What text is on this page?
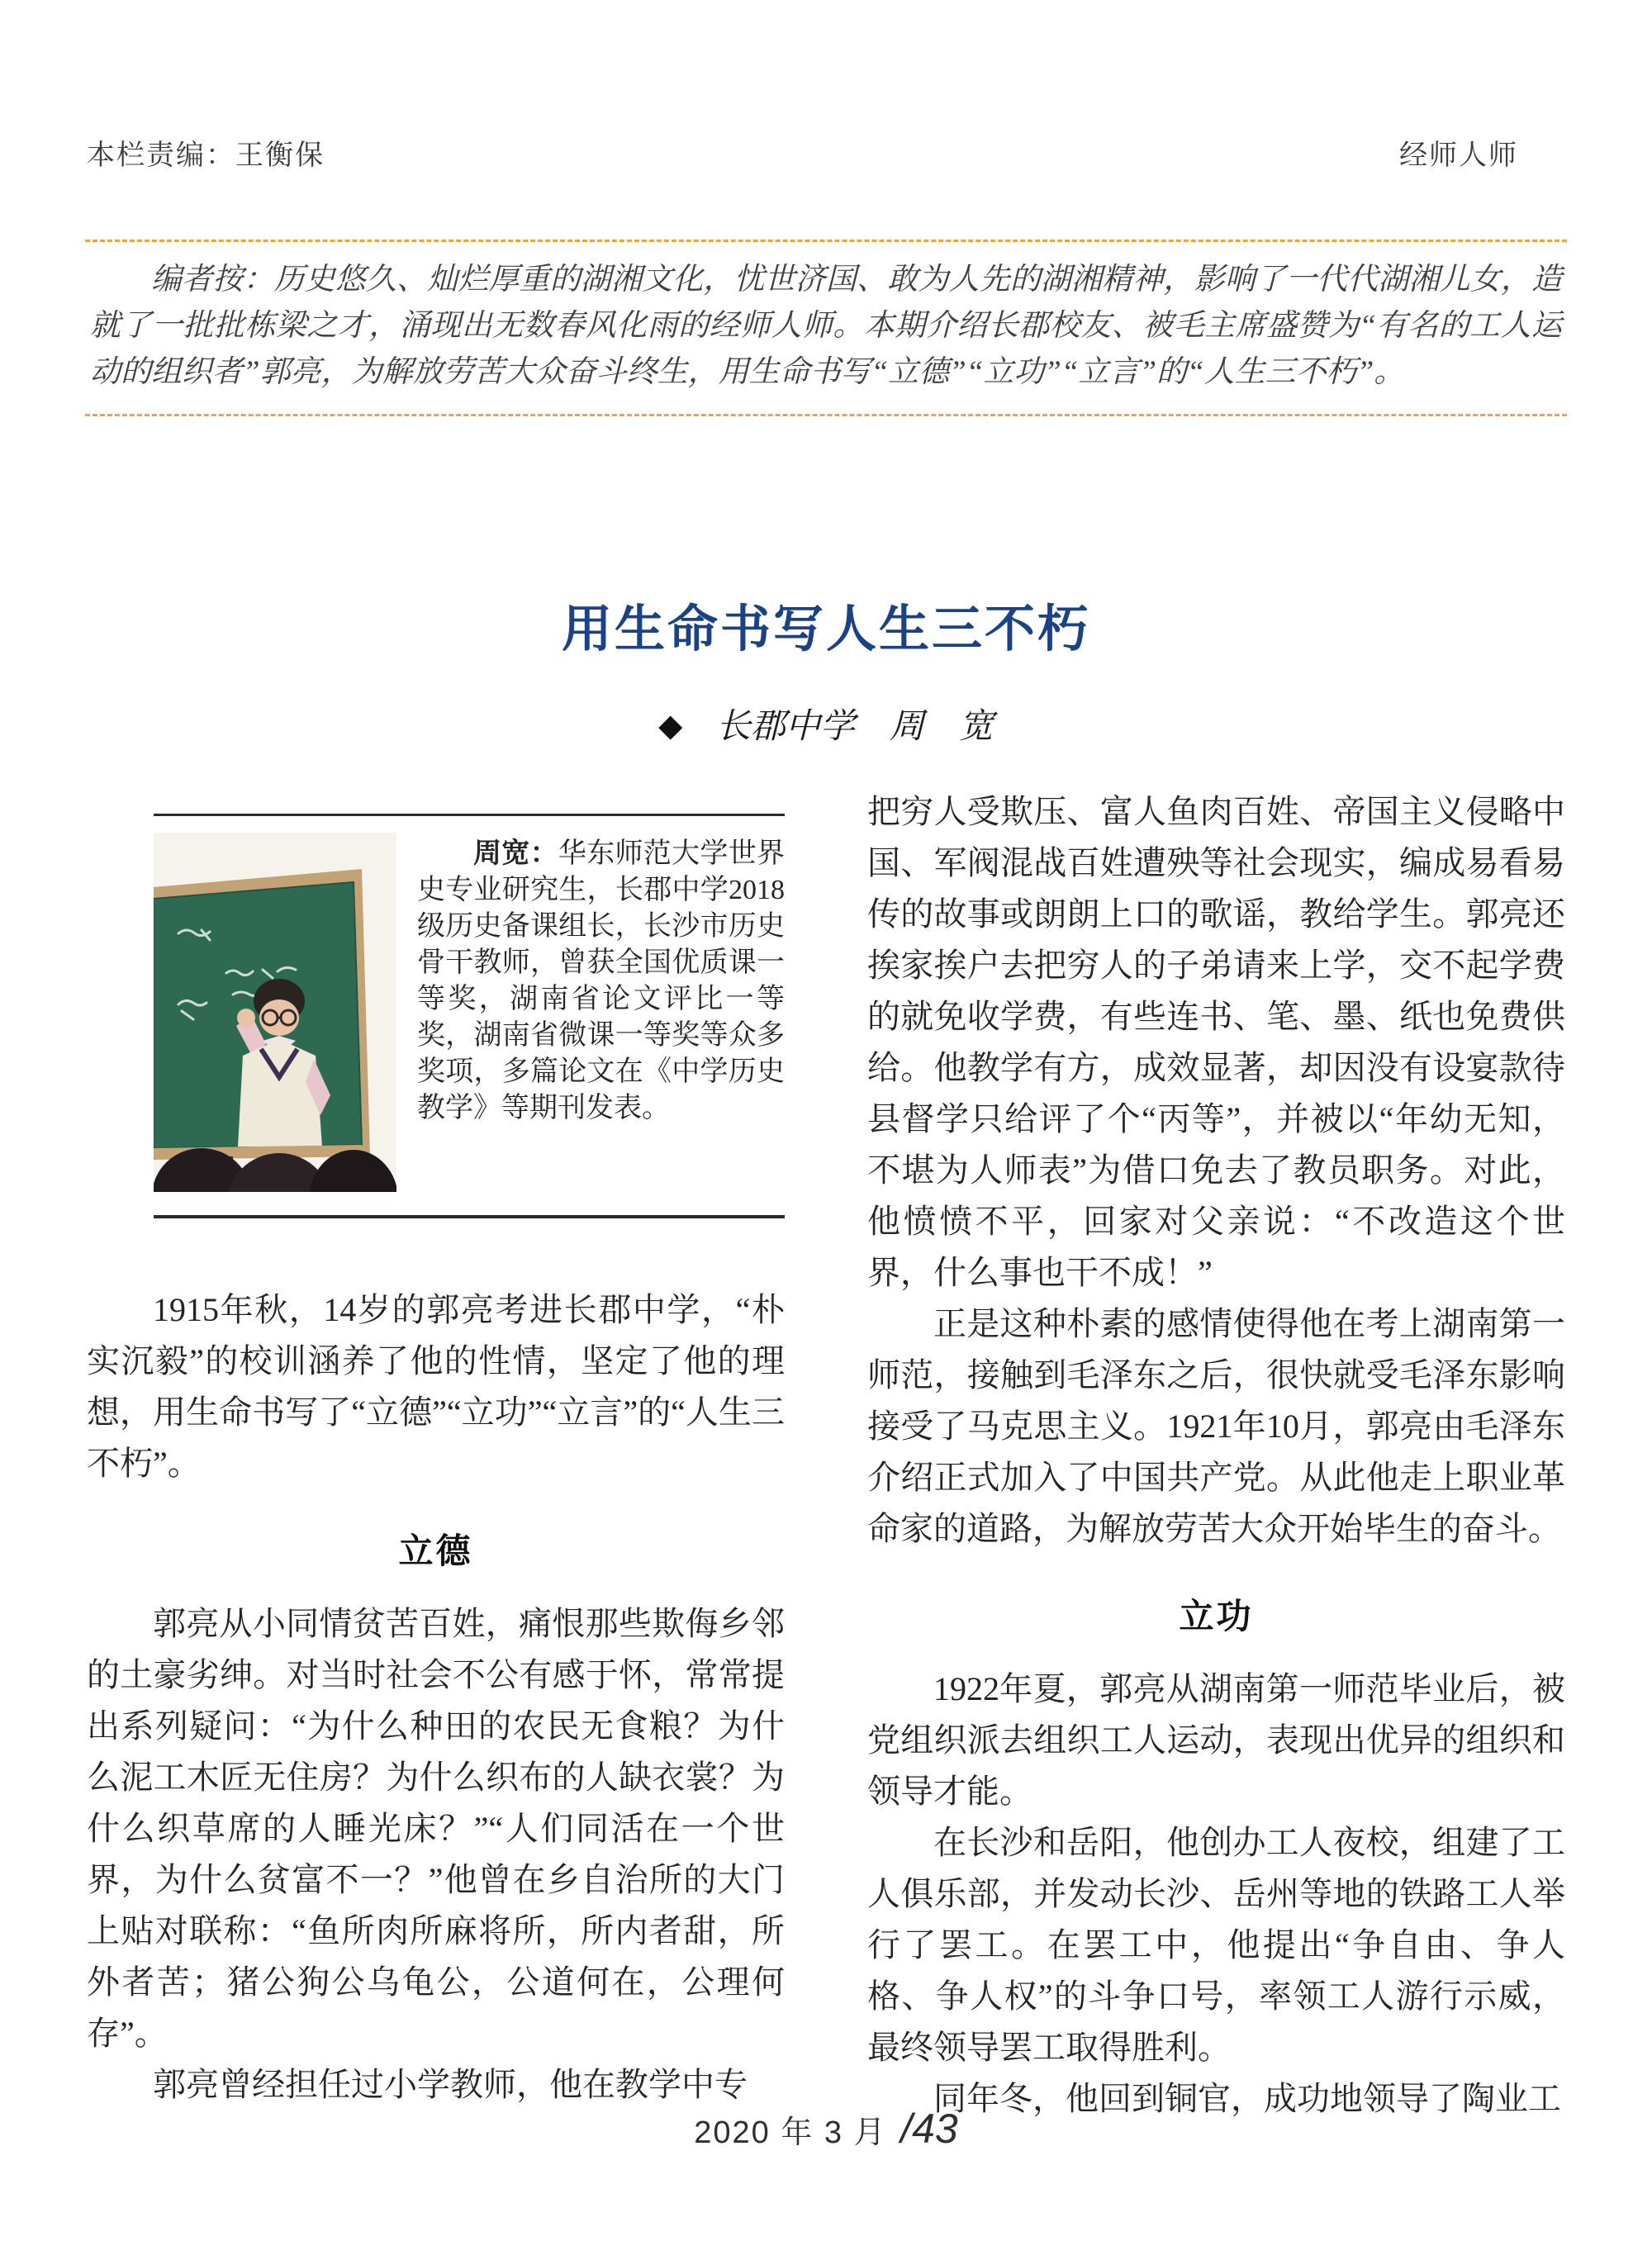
本栏责编：王衡保	经师人师

编者按：历史悠久、灿烂厚重的湖湘文化，忧世济国、敢为人先的湖湘精神，影响了一代代湖湘儿女，造就了一批批栋梁之才，涌现出无数春风化雨的经师人师。本期介绍长郡校友、被毛主席盛赞为“有名的工人运动的组织者”郭亮，为解放劳苦大众奋斗终生，用生命书写“立德”“立功”“立言”的“人生三不朽”。

用生命书写人生三不朽
◆ 长郡中学　周　宽

周宽：华东师范大学世界史专业研究生，长郡中学2018级历史备课组长，长沙市历史骨干教师，曾获全国优质课一等奖，湖南省论文评比一等奖，湖南省微课一等奖等众多奖项，多篇论文在《中学历史教学》等期刊发表。

1915年秋，14岁的郭亮考进长郡中学，“朴实沉毅”的校训涵养了他的性情，坚定了他的理想，用生命书写了“立德”“立功”“立言”的“人生三不朽”。

立德

郭亮从小同情贫苦百姓，痛恨那些欺侮乡邻的土豪劣绅。对当时社会不公有感于怀，常常提出系列疑问：“为什么种田的农民无食粮？为什么泥工木匠无住房？为什么织布的人缺衣裳？为什么织草席的人睡光床？”“人们同活在一个世界，为什么贫富不一？”他曾在乡自治所的大门上贴对联称：“鱼所肉所麻将所，所内者甜，所外者苦；猪公狗公乌龟公，公道何在，公理何存”。

郭亮曾经担任过小学教师，他在教学中专

把穷人受欺压、富人鱼肉百姓、帝国主义侵略中国、军阀混战百姓遭殃等社会现实，编成易看易传的故事或朗朗上口的歌谣，教给学生。郭亮还挨家挨户去把穷人的子弟请来上学，交不起学费的就免收学费，有些连书、笔、墨、纸也免费供给。他教学有方，成效显著，却因没有设宴款待县督学只给评了个“丙等”，并被以“年幼无知，不堪为人师表”为借口免去了教员职务。对此，他愤愤不平，回家对父亲说：“不改造这个世界，什么事也干不成！”

正是这种朴素的感情使得他在考上湖南第一师范，接触到毛泽东之后，很快就受毛泽东影响接受了马克思主义。1921年10月，郭亮由毛泽东介绍正式加入了中国共产党。从此他走上职业革命家的道路，为解放劳苦大众开始毕生的奋斗。

立功

1922年夏，郭亮从湖南第一师范毕业后，被党组织派去组织工人运动，表现出优异的组织和领导才能。

在长沙和岳阳，他创办工人夜校，组建了工人俱乐部，并发动长沙、岳州等地的铁路工人举行了罢工。在罢工中，他提出“争自由、争人格、争人权”的斗争口号，率领工人游行示威，最终领导罢工取得胜利。

同年冬，他回到铜官，成功地领导了陶业工

2020 年 3 月 /43
